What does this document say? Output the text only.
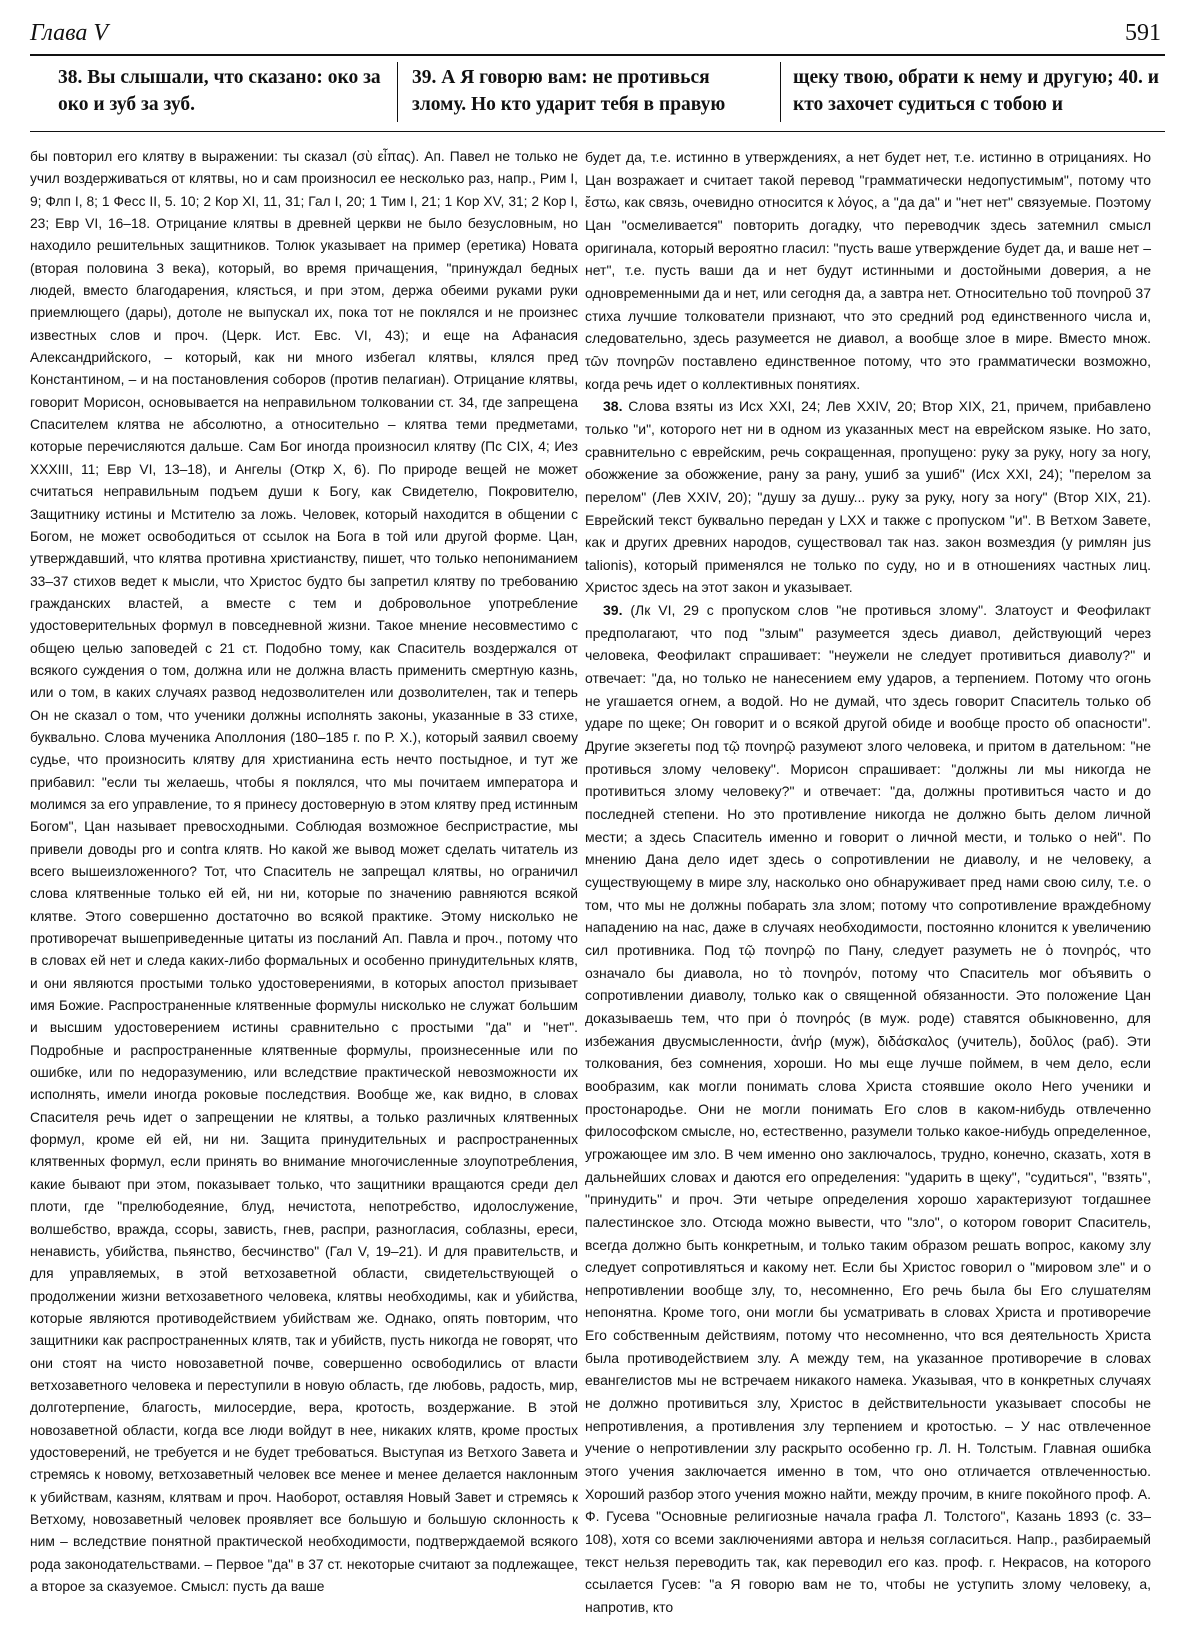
Глава V	591

38. Вы слышали, что сказано: око за око и зуб за зуб.

39. А Я говорю вам: не противься злому. Но кто ударит тебя в правую

щеку твою, обрати к нему и другую; 40. и кто захочет судиться с тобою и

бы повторил его клятву в выражении: ты сказал (σὺ εἶπας). Ап. Павел не только не учил воздерживаться от клятвы, но и сам произносил ее несколько раз, напр., Рим I, 9; Флп I, 8; 1 Фесс II, 5. 10; 2 Кор XI, 11, 31; Гал I, 20; 1 Тим I, 21; 1 Кор XV, 31; 2 Кор I, 23; Евр VI, 16–18. Отрицание клятвы в древней церкви не было безусловным, но находило решительных защитников. Толюк указывает на пример (еретика) Новата (вторая половина 3 века), который, во время причащения, "принуждал бедных людей, вместо благодарения, клясться, и при этом, держа обеими руками руки приемлющего (дары), дотоле не выпускал их, пока тот не поклялся и не произнес известных слов и проч. (Церк. Ист. Евс. VI, 43); и еще на Афанасия Александрийского, – который, как ни много избегал клятвы, клялся пред Констaнтином, – и на постановления соборов (против пелагиан). Отрицание клятвы, говорит Морисон, основывается на неправильном толковании ст. 34, где запрещена Спасителем клятва не абсолютно, а относительно – клятва теми предметами, которые перечисляются дальше. Сам Бог иногда произносил клятву (Пс CIX, 4; Иез XXXIII, 11; Евр VI, 13–18), и Ангелы (Откр X, 6). По природе вещей не может считаться неправильным подъем души к Богу, как Свидетелю, Покровителю, Защитнику истины и Мстителю за ложь. Человек, который находится в общении с Богом, не может освободиться от ссылок на Бога в той или другой форме. Цан, утверждавший, что клятва противна христианству, пишет, что только непониманием 33–37 стихов ведет к мысли, что Христос будто бы запретил клятву по требованию гражданских властей, а вместе с тем и добровольное употребление удостоверительных формул в повседневной жизни. Такое мнение несовместимо с общею целью заповедей с 21 ст. Подобно тому, как Спаситель воздержался от всякого суждения о том, должна или не должна власть применить смертную казнь, или о том, в каких случаях развод недозволителен или дозволителен, так и теперь Он не сказал о том, что ученики должны исполнять законы, указанные в 33 стихе, буквально. Слова мученика Аполлония (180–185 г. по Р. Х.), который заявил своему судье, что произносить клятву для христианина есть нечто постыдное, и тут же прибавил: "если ты желаешь, чтобы я поклялся, что мы почитаем императора и молимся за его управление, то я принесу достоверную в этом клятву пред истинным Богом", Цан называет превосходными. Соблюдая возможное беспристрастие, мы привели доводы pro и contra клятв. Но какой же вывод может сделать читатель из всего вышеизложенного? Тот, что Спаситель не запрещал клятвы, но ограничил слова клятвенные только ей ей, ни ни, которые по значению равняются всякой клятве. Этого совершенно достаточно во всякой практике. Этому нисколько не противоречат вышеприведенные цитаты из посланий Ап. Павла и проч., потому что в словах ей нет и следа каких-либо формальных и особенно принудительных клятв, и они являются простыми только удостоверениями, в которых апостол призывает имя Божие. Распространенные клятвенные формулы нисколько не служат большим и высшим удостоверением истины сравнительно с простыми "да" и "нет". Подробные и распространенные клятвенные формулы, произнесенные или по ошибке, или по недоразумению, или вследствие практической невозможности их исполнять, имели иногда роковые последствия. Вообще же, как видно, в словах Спасителя речь идет о запрещении не клятвы, а только различных клятвенных формул, кроме ей ей, ни ни. Защита принудительных и распространенных клятвенных формул, если принять во внимание многочисленные злоупотребления, какие бывают при этом, показывает только, что защитники вращаются среди дел плоти, где "прелюбодеяние, блуд, нечистота, непотребство, идолослужение, волшебство, вражда, ссоры, зависть, гнев, распри, разногласия, соблазны, ереси, ненависть, убийства, пьянство, бесчинство" (Гал V, 19–21). И для правительств, и для управляемых, в этой ветхозаветной области, свидетельствующей о продолжении жизни ветхозаветного человека, клятвы необходимы, как и убийства, которые являются противодействием убийствам же. Однако, опять повторим, что защитники как распространенных клятв, так и убийств, пусть никогда не говорят, что они стоят на чисто новозаветной почве, совершенно освободились от власти ветхозаветного человека и переступили в новую область, где любовь, радость, мир, долготерпение, благость, милосердие, вера, кротость, воздержание. В этой новозаветной области, когда все люди войдут в нее, никаких клятв, кроме простых удостоверений, не требуется и не будет требоваться. Выступая из Ветхого Завета и стремясь к новому, ветхозаветный человек все менее и менее делается наклонным к убийствам, казням, клятвам и проч. Наоборот, оставляя Новый Завет и стремясь к Ветхому, новозаветный человек проявляет все большую и большую склонность к ним – вследствие понятной практической необходимости, подтверждаемой всякого рода законодательствами. – Первое "да" в 37 ст. некоторые считают за подлежащее, а второе за сказуемое. Смысл: пусть да ваше

будет да, т.е. истинно в утверждениях, а нет будет нет, т.е. истинно в отрицаниях. Но Цан возражает и считает такой перевод "грамматически недопустимым", потому что ἔστω, как связь, очевидно относится к λόγος, а "да да" и "нет нет" связуемые. Поэтому Цан "осмеливается" повторить догадку, что переводчик здесь затемнил смысл оригинала, который вероятно гласил: "пусть ваше утверждение будет да, и ваше нет – нет", т.е. пусть ваши да и нет будут истинными и достойными доверия, а не одновременными да и нет, или сегодня да, а завтра нет. Относительно τοῦ πονηροῦ 37 стиха лучшие толкователи признают, что это средний род единственного числа и, следовательно, здесь разумеется не диавол, а вообще злое в мире. Вместо множ. τῶν πονηρῶν поставлено единственное потому, что это грамматически возможно, когда речь идет о коллективных понятиях.

38. Слова взяты из Исх XXI, 24; Лев XXIV, 20; Втор XIX, 21, причем, прибавлено только "и", которого нет ни в одном из указанных мест на еврейском языке. Но зато, сравнительно с еврейским, речь сокращенная, пропущено: руку за руку, ногу за ногу, обожжение за обожжение, рану за рану, ушиб за ушиб" (Исх XXI, 24); "перелом за перелом" (Лев XXIV, 20); "душу за душу... руку за руку, ногу за ногу" (Втор XIX, 21). Еврейский текст буквально передан у LXX и также с пропуском "и". В Ветхом Завете, как и других древних народов, существовал так наз. закон возмездия (у римлян jus talionis), который применялся не только по суду, но и в отношениях частных лиц. Христос здесь на этот закон и указывает.

39. (Лк VI, 29 с пропуском слов "не противься злому". Златоуст и Феофилакт предполагают, что под "злым" разумеется здесь диавол, действующий через человека, Феофилакт спрашивает: "неужели не следует противиться диаволу?" и отвечает: "да, но только не нанесением ему ударов, а терпением. Потому что огонь не угашается огнем, а водой. Но не думай, что здесь говорит Спаситель только об ударе по щеке; Он говорит и о всякой другой обиде и вообще просто об опасности". Другие экзегеты под τῷ πονηρῷ разумеют злого человека, и притом в дательном: "не противься злому человеку". Морисон спрашивает: "должны ли мы никогда не противиться злому человеку?" и отвечает: "да, должны противиться часто и до последней степени. Но это противление никогда не должно быть делом личной мести; а здесь Спаситель именно и говорит о личной мести, и только о ней". По мнению Дана дело идет здесь о сопротивлении не диаволу, и не человеку, а существующему в мире злу, насколько оно обнаруживает пред нами свою силу, т.е. о том, что мы не должны побарать зла злом; потому что сопротивление враждебному нападению на нас, даже в случаях необходимости, постоянно клонится к увеличению сил противника. Под τῷ πονηρῷ по Пану, следует разуметь не ὁ πονηρός, что означало бы диавола, но τὸ πονηρόν, потому что Спаситель мог объявить о сопротивлении диаволу, только как о священной обязанности. Это положение Цан доказываешь тем, что при ὁ πονηρός (в муж. роде) ставятся обыкновенно, для избежания двусмысленности, ἀνήρ (муж), διδάσκαλος (учитель), δοῦλος (раб). Эти толкования, без сомнения, хороши. Но мы еще лучше поймем, в чем дело, если вообразим, как могли понимать слова Христа стоявшие около Него ученики и простонародье. Они не могли понимать Его слов в каком-нибудь отвлеченно философском смысле, но, естественно, разумели только какое-нибудь определенное, угрожающее им зло. В чем именно оно заключалось, трудно, конечно, сказать, хотя в дальнейших словах и даются его определения: "ударить в щеку", "судиться", "взять", "принудить" и проч. Эти четыре определения хорошо характеризуют тогдашнее палестинское зло. Отсюда можно вывести, что "зло", о котором говорит Спаситель, всегда должно быть конкретным, и только таким образом решать вопрос, какому злу следует сопротивляться и какому нет. Если бы Христос говорил о "мировом зле" и о непротивлении вообще злу, то, несомненно, Его речь была бы Его слушателям непонятна. Кроме того, они могли бы усматривать в словах Христа и противоречие Его собственным действиям, потому что несомненно, что вся деятельность Христа была противодействием злу. А между тем, на указанное противоречие в словах евангелистов мы не встречаем никакого намека. Указывая, что в конкретных случаях не должно противиться злу, Христос в действительности указывает способы не непротивления, а противления злу терпением и кротостью. – У нас отвлеченное учение о непротивлении злу раскрыто особенно гр. Л. Н. Толстым. Главная ошибка этого учения заключается именно в том, что оно отличается отвлеченностью. Хороший разбор этого учения можно найти, между прочим, в книге покойного проф. А. Ф. Гусева "Основные религиозные начала графа Л. Толстого", Казань 1893 (с. 33–108), хотя со всеми заключениями автора и нельзя согласиться. Напр., разбираемый текст нельзя переводить так, как переводил его каз. проф. г. Некрасов, на которого ссылается Гусев: "а Я говорю вам не то, чтобы не уступить злому человеку, а, напротив, кто
